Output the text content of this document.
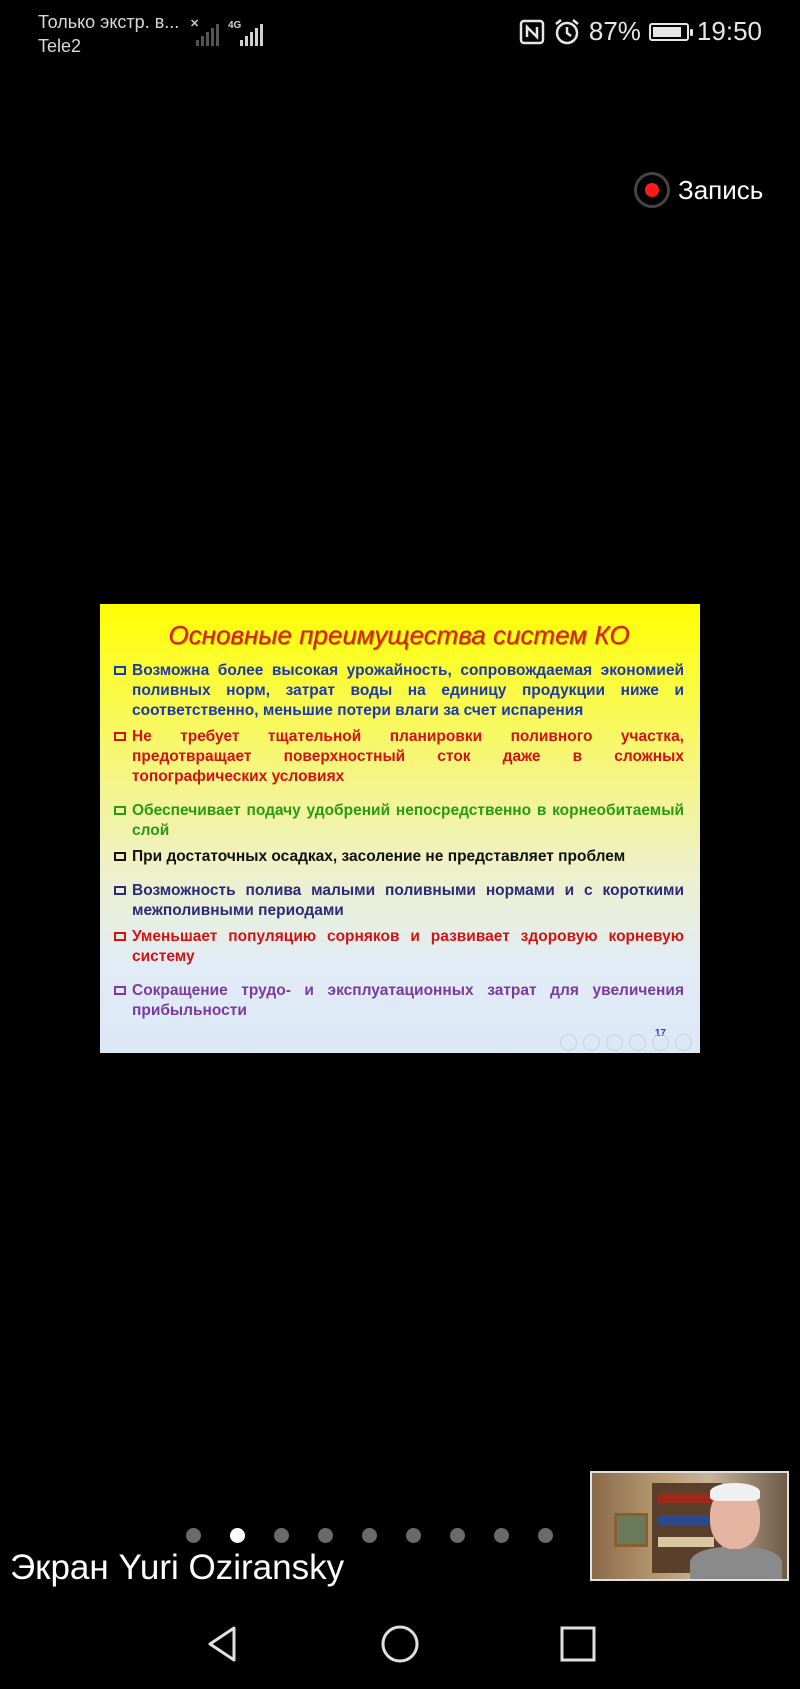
Только экстр. в...
Tele2
✕	4G	87% 19:50
Запись
Основные преимущества систем КО
Возможна более высокая урожайность, сопровождаемая экономией поливных норм, затрат воды на единицу продукции ниже и соответственно, меньшие потери влаги за счет испарения
Не требует тщательной планировки поливного участка, предотвращает поверхностный сток даже в сложных топографических условиях
Обеспечивает подачу удобрений непосредственно в корнеобитаемый слой
При достаточных осадках, засоление не представляет проблем
Возможность полива малыми поливными нормами и с короткими межполивными периодами
Уменьшает популяцию сорняков и развивает здоровую корневую систему
Сокращение трудо- и эксплуатационных затрат для увеличения прибыльности
17
Экран Yuri Oziransky
